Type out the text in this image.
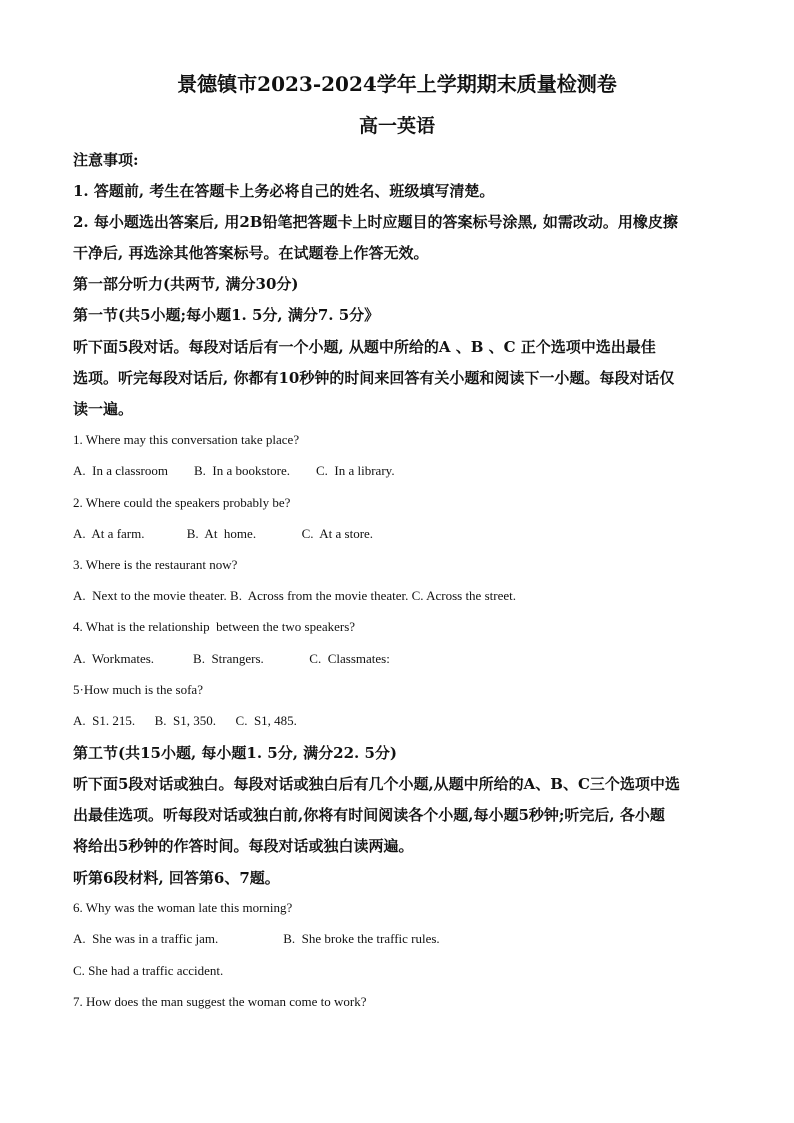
景德镇市2023-2024学年上学期期末质量检测卷
高一英语
注意事项:
1. 答题前, 考生在答题卡上务必将自己的姓名、班级填写清楚。
2. 每小题选出答案后, 用2B铅笔把答题卡上时应题目的答案标号涂黑, 如需改动。用橡皮擦
干净后, 再选涂其他答案标号。在试题卷上作答无效。
第一部分听力(共两节, 满分30分)
第一节(共5小题;每小题1. 5分, 满分7. 5分》
听下面5段对话。每段对话后有一个小题, 从题中所给的A 、B 、C 正个选项中选出最佳
选项。听完每段对话后, 你都有10秒钟的时间来回答有关小题和阅读下一小题。每段对话仅
读一遍。
1. Where may this conversation take place?
A.  In a classroom        B.  In a bookstore.        C.  In a library.
2. Where could the speakers probably be?
A.  At a farm.             B.  At  home.              C.  At a store.
3. Where is the restaurant now?
A.  Next to the movie theater. B.  Across from the movie theater. C. Across the street.
4. What is the relationship  between the two speakers?
A.  Workmates.            B.  Strangers.              C.  Classmates:
5·How much is the sofa?
A.  S1. 215.      B.  S1, 350.      C.  S1, 485.
第工节(共15小题, 每小题1. 5分, 满分22. 5分)
听下面5段对话或独白。每段对话或独白后有几个小题,从题中所给的A、B、C三个选项中选
出最佳选项。听每段对话或独白前,你将有时间阅读各个小题,每小题5秒钟;听完后, 各小题
将给出5秒钟的作答时间。每段对话或独白读两遍。
听第6段材料, 回答第6、7题。
6. Why was the woman late this morning?
A.  She was in a traffic jam.                    B.  She broke the traffic rules.
C. She had a traffic accident.
7. How does the man suggest the woman come to work?
